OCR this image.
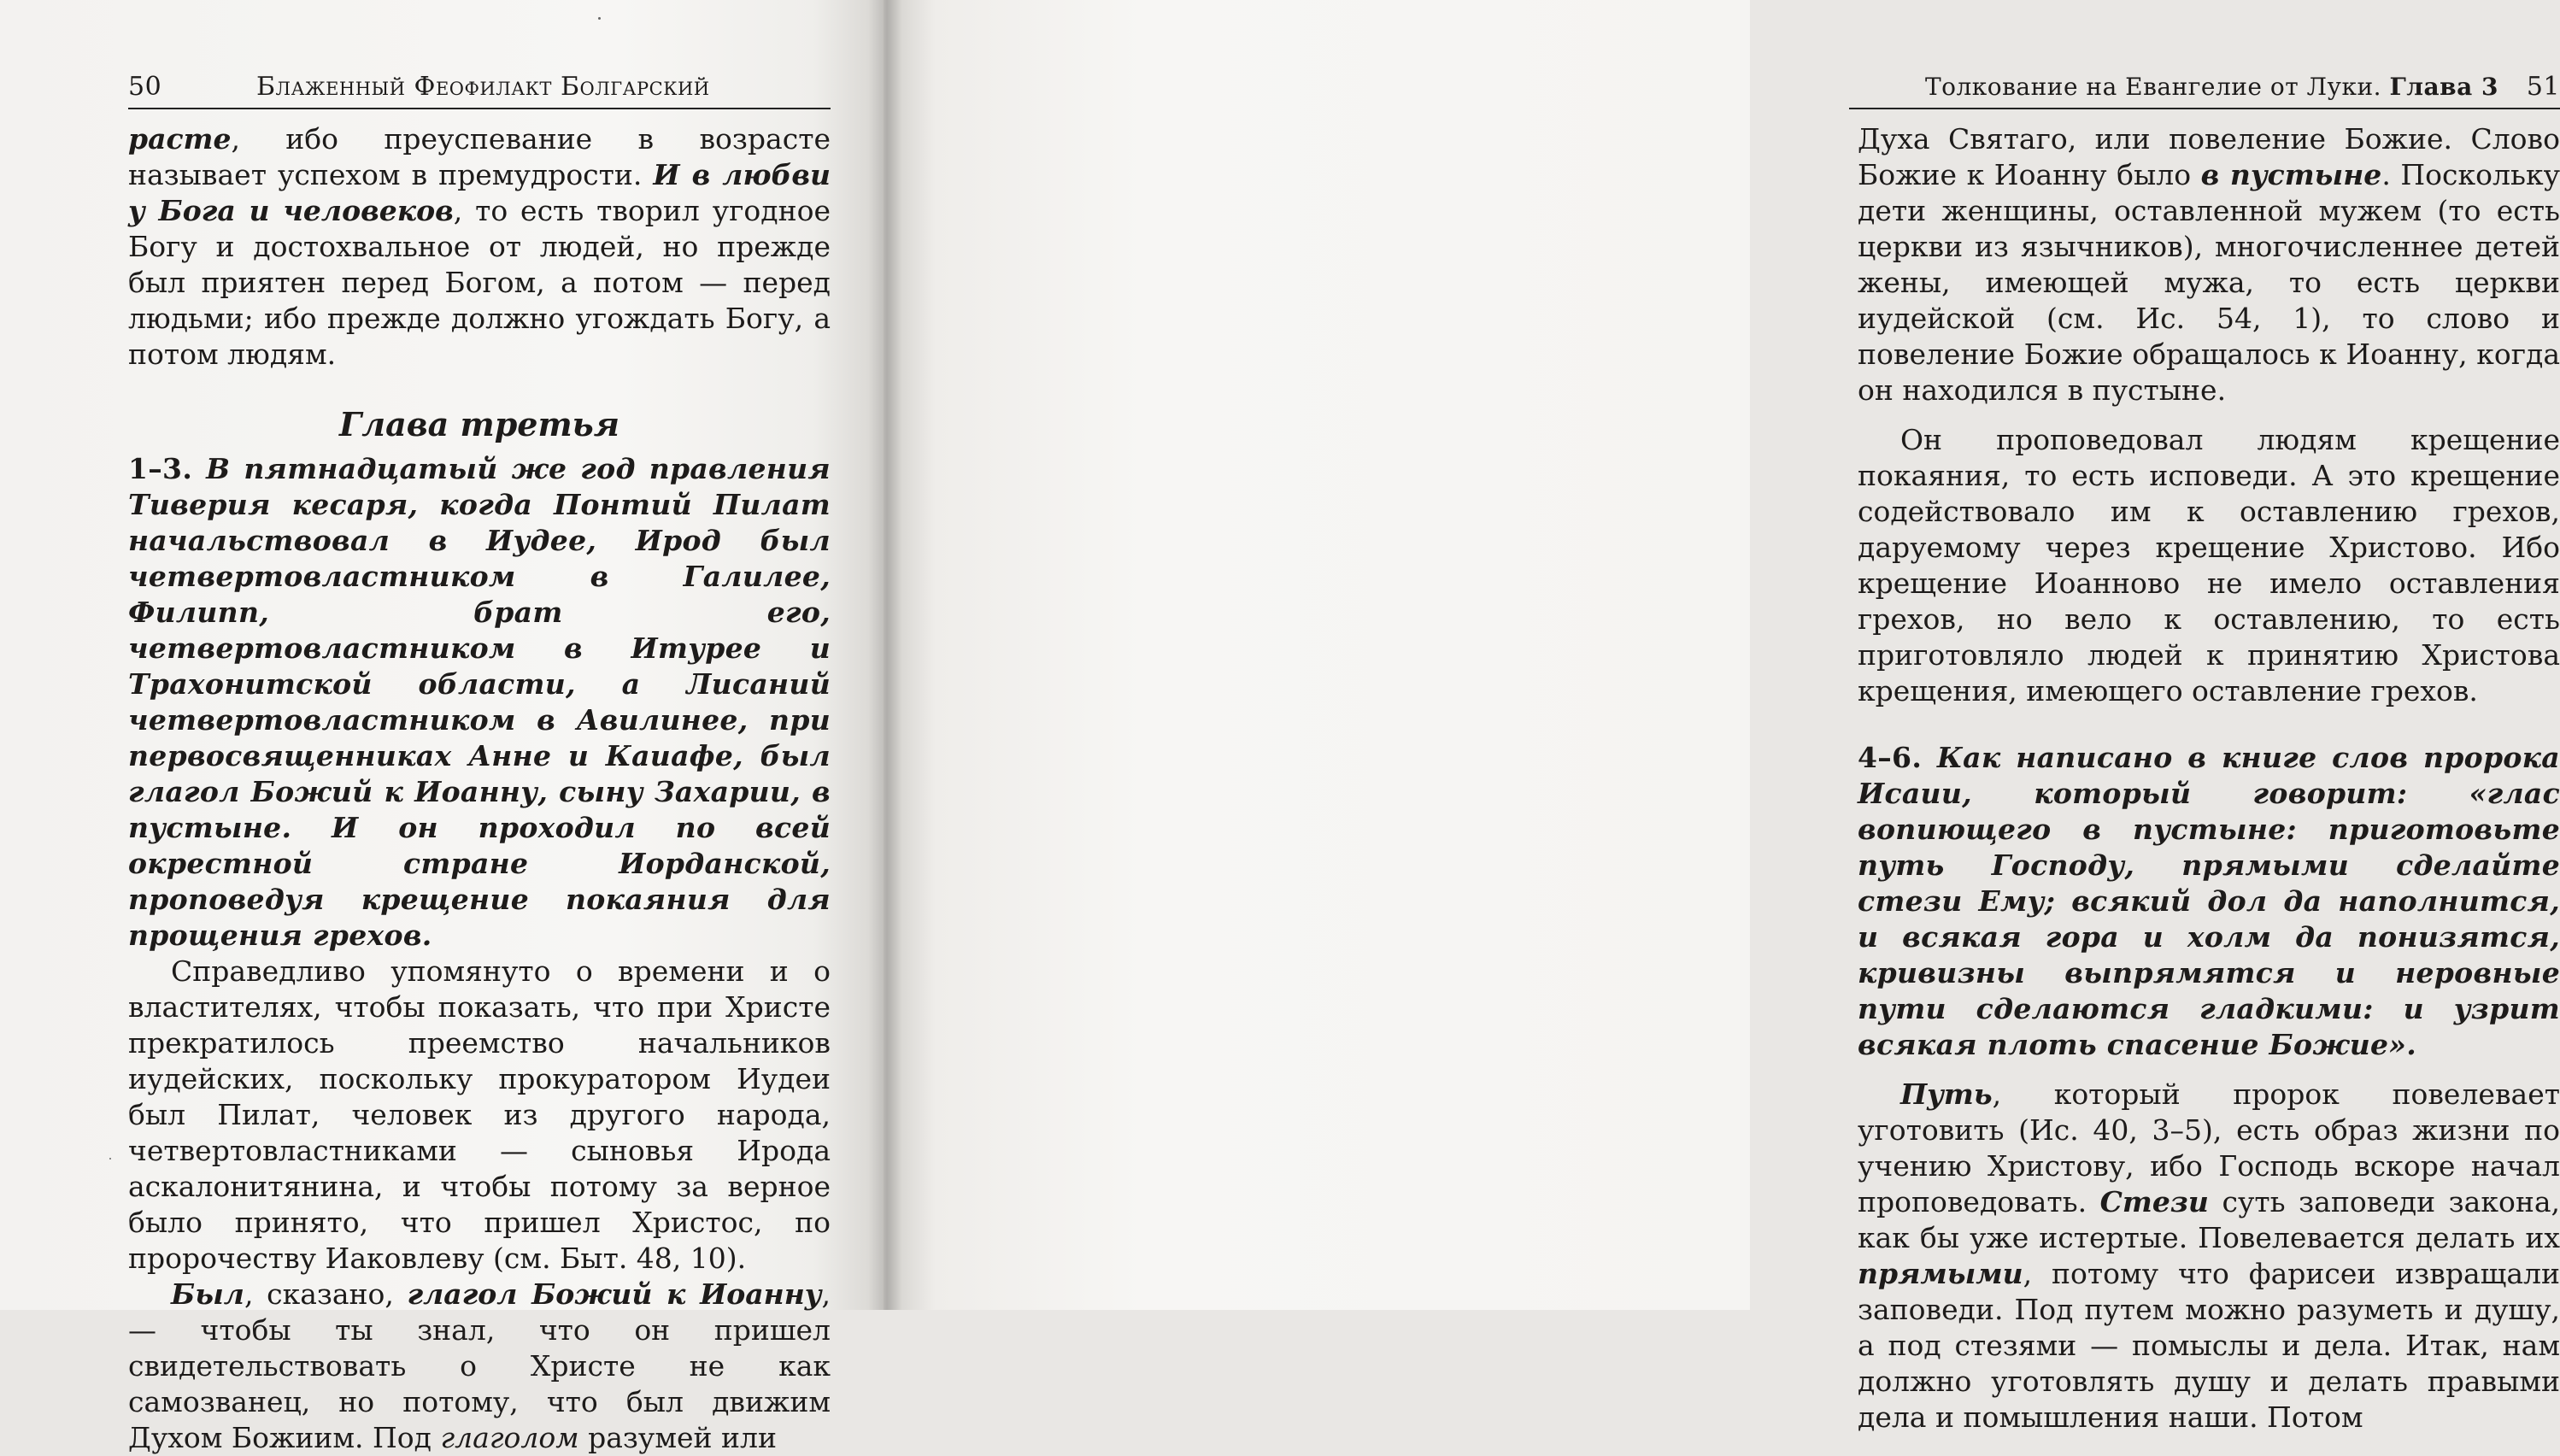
50	Блаженный Феофилакт Болгарский

расте, ибо преуспевание в возрасте называет успехом в премудрости. И в любви у Бога и человеков, то есть творил угодное Богу и достохвальное от людей, но прежде был приятен перед Богом, а потом — перед людьми; ибо прежде должно угождать Богу, а потом людям.

Глава третья

1–3. В пятнадцатый же год правления Тиверия кесаря, когда Понтий Пилат начальствовал в Иудее, Ирод был четвертовластником в Галилее, Филипп, брат его, четвертовластником в Итурее и Трахонитской области, а Лисаний четвертовластником в Авилинее, при первосвященниках Анне и Каиафе, был глагол Божий к Иоанну, сыну Захарии, в пустыне. И он проходил по всей окрестной стране Иорданской, проповедуя крещение покаяния для прощения грехов.

Справедливо упомянуто о времени и о властителях, чтобы показать, что при Христе прекратилось преемство начальников иудейских, поскольку прокуратором Иудеи был Пилат, человек из другого народа, четвертовластниками — сыновья Ирода аскалонитянина, и чтобы потому за верное было принято, что пришел Христос, по пророчеству Иаковлеву (см. Быт. 48, 10).

Был, сказано, глагол Божий к Иоанну, — чтобы ты знал, что он пришел свидетельствовать о Христе не как самозванец, но потому, что был движим Духом Божиим. Под глаголом разумей или

Толкование на Евангелие от Луки. Глава 3 51

Духа Святаго, или повеление Божие. Слово Божие к Иоанну было в пустыне. Поскольку дети женщины, оставленной мужем (то есть церкви из язычников), многочисленнее детей жены, имеющей мужа, то есть церкви иудейской (см. Ис. 54, 1), то слово и повеление Божие обращалось к Иоанну, когда он находился в пустыне.

Он проповедовал людям крещение покаяния, то есть исповеди. А это крещение содействовало им к оставлению грехов, даруемому через крещение Христово. Ибо крещение Иоанново не имело оставления грехов, но вело к оставлению, то есть приготовляло людей к принятию Христова крещения, имеющего оставление грехов.

4–6. Как написано в книге слов пророка Исаии, который говорит: «глас вопиющего в пустыне: приготовьте путь Господу, прямыми сделайте стези Ему; всякий дол да наполнится, и всякая гора и холм да понизятся, кривизны выпрямятся и неровные пути сделаются гладкими: и узрит всякая плоть спасение Божие».

Путь, который пророк повелевает уготовить (Ис. 40, 3–5), есть образ жизни по учению Христову, ибо Господь вскоре начал проповедовать. Стези суть заповеди закона, как бы уже истертые. Повелевается делать их прямыми, потому что фарисеи извращали заповеди. Под путем можно разуметь и душу, а под стезями — помыслы и дела. Итак, нам должно уготовлять душу и делать правыми дела и помышления наши. Потом
